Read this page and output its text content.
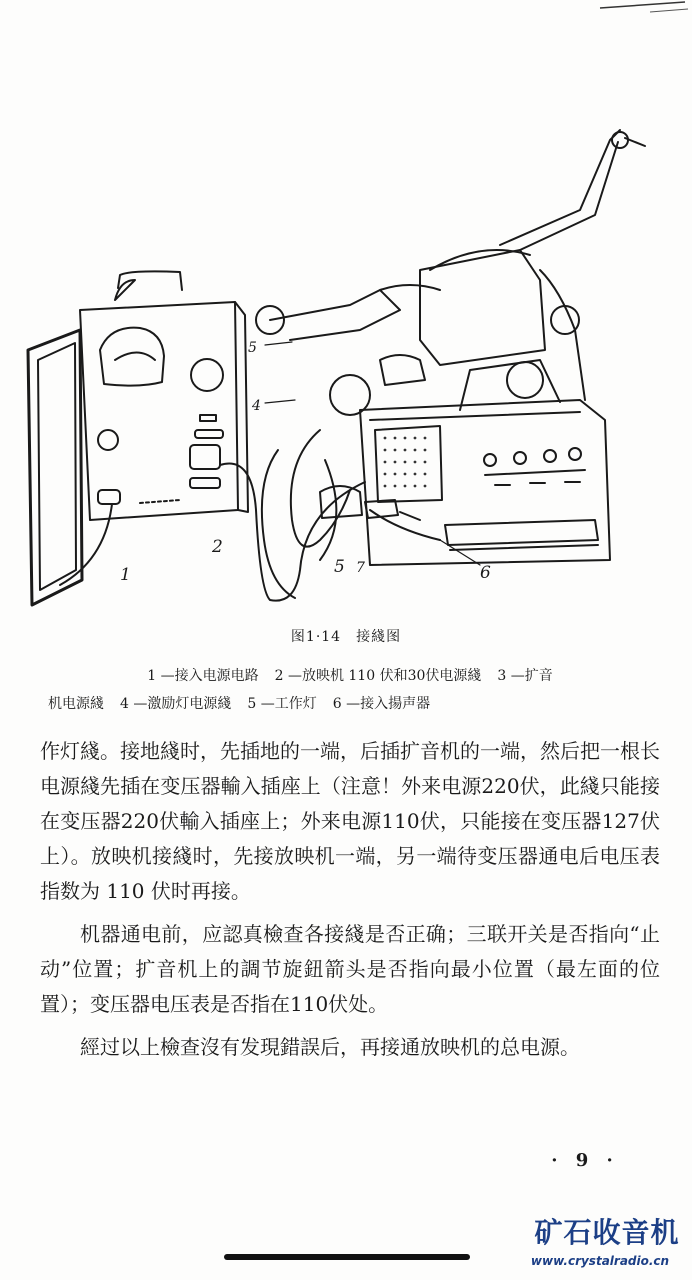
1
2
5
4
5 7	6
图1·14　接綫图
1 —接入电源电路 2 —放映机 110 伏和30伏电源綫 3 —扩音
机电源綫 4 —激励灯电源綫 5 —工作灯 6 —接入揚声器

作灯綫。接地綫时，先插地的一端，后插扩音机的一端，然后把一根长电源綫先插在变压器輸入插座上（注意！外来电源220伏，此綫只能接在变压器220伏輸入插座上；外来电源110伏，只能接在变压器127伏上）。放映机接綫时，先接放映机一端，另一端待变压器通电后电压表指数为 110 伏时再接。

机器通电前，应認真檢查各接綫是否正确；三联开关是否指向“止动”位置；扩音机上的調节旋鈕箭头是否指向最小位置（最左面的位置）；变压器电压表是否指在110伏处。

經过以上檢查沒有发現錯誤后，再接通放映机的总电源。

· 9 ·
矿石收音机
www.crystalradio.cn
